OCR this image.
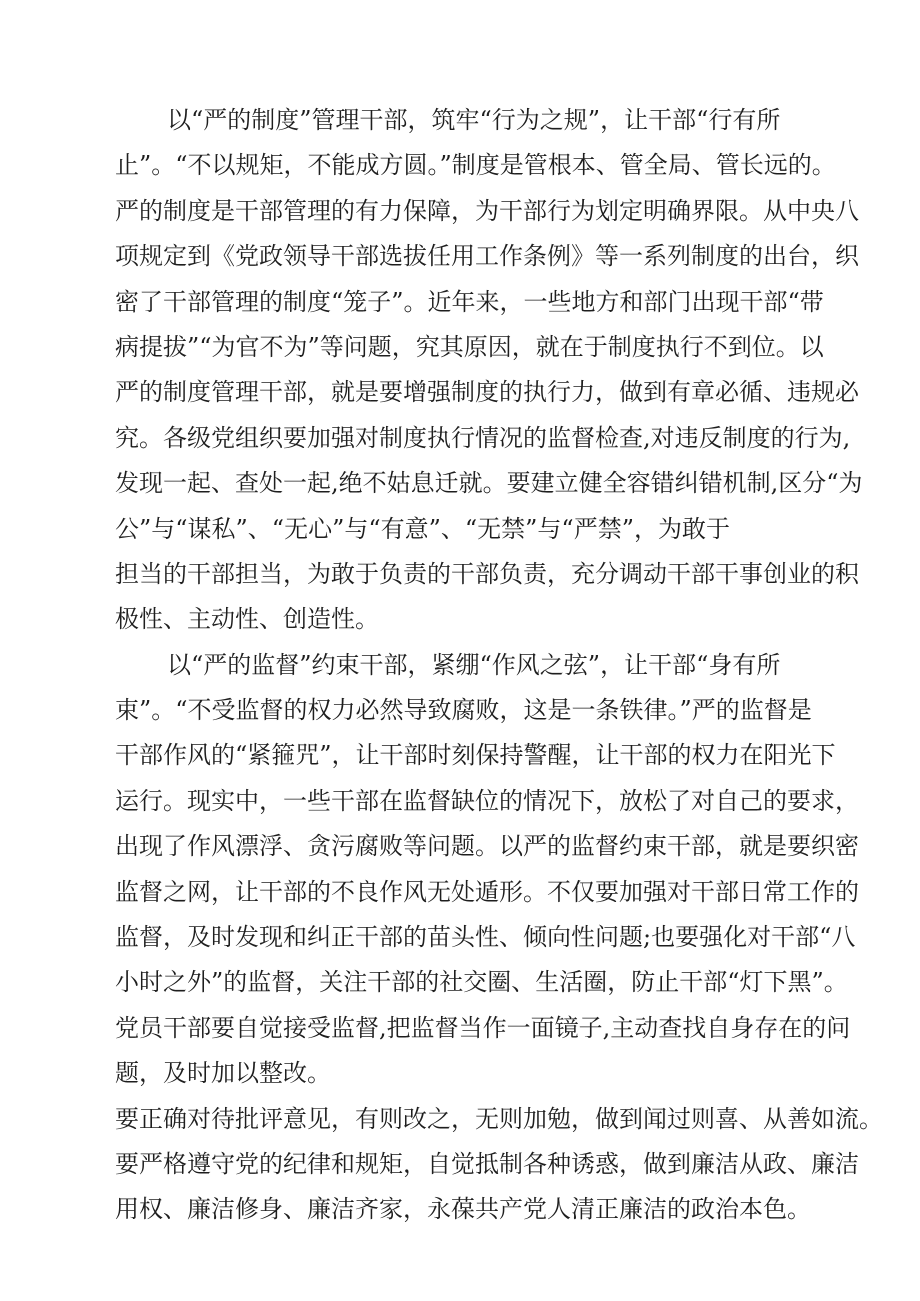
以“严的制度”管理干部，筑牢“行为之规”，让干部“行有所
止”。“不以规矩，不能成方圆。”制度是管根本、管全局、管长远的。
严的制度是干部管理的有力保障，为干部行为划定明确界限。从中央八
项规定到《党政领导干部选拔任用工作条例》等一系列制度的出台，织
密了干部管理的制度“笼子”。近年来，一些地方和部门出现干部“带
病提拔”“为官不为”等问题，究其原因，就在于制度执行不到位。以
严的制度管理干部，就是要增强制度的执行力，做到有章必循、违规必
究。各级党组织要加强对制度执行情况的监督检查,对违反制度的行为,
发现一起、查处一起,绝不姑息迁就。要建立健全容错纠错机制,区分“为
公”与“谋私”、“无心”与“有意”、“无禁”与“严禁”，为敢于
担当的干部担当，为敢于负责的干部负责，充分调动干部干事创业的积
极性、主动性、创造性。
以“严的监督”约束干部，紧绷“作风之弦”，让干部“身有所
束”。“不受监督的权力必然导致腐败，这是一条铁律。”严的监督是
干部作风的“紧箍咒”，让干部时刻保持警醒，让干部的权力在阳光下
运行。现实中，一些干部在监督缺位的情况下，放松了对自己的要求，
出现了作风漂浮、贪污腐败等问题。以严的监督约束干部，就是要织密
监督之网，让干部的不良作风无处遁形。不仅要加强对干部日常工作的
监督，及时发现和纠正干部的苗头性、倾向性问题;也要强化对干部“八
小时之外”的监督，关注干部的社交圈、生活圈，防止干部“灯下黑”。
党员干部要自觉接受监督,把监督当作一面镜子,主动查找自身存在的问
题，及时加以整改。
要正确对待批评意见，有则改之，无则加勉，做到闻过则喜、从善如流。
要严格遵守党的纪律和规矩，自觉抵制各种诱惑，做到廉洁从政、廉洁
用权、廉洁修身、廉洁齐家，永葆共产党人清正廉洁的政治本色。
